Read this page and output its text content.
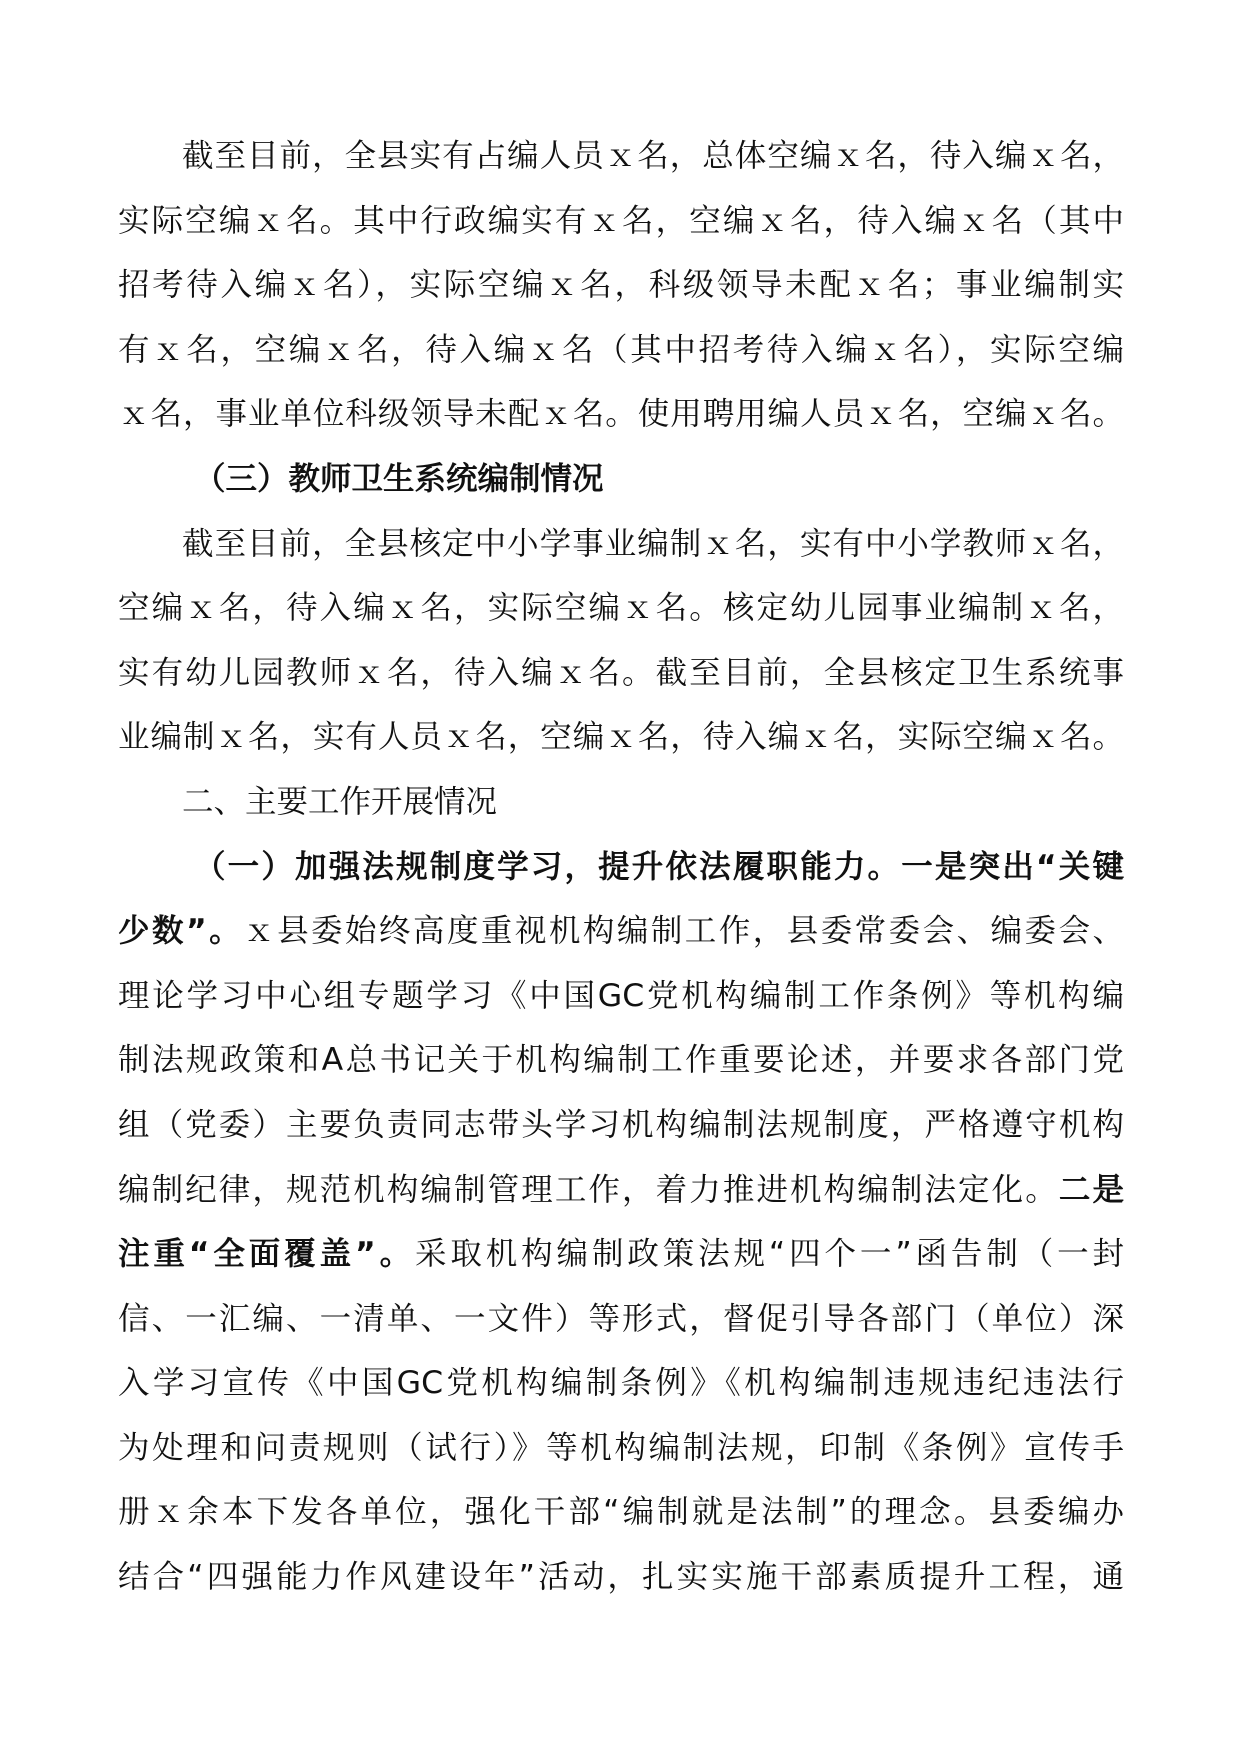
截至目前，全县实有占编人员ｘ名，总体空编ｘ名，待入编ｘ名，
实际空编ｘ名。其中行政编实有ｘ名，空编ｘ名，待入编ｘ名（其中
招考待入编ｘ名），实际空编ｘ名，科级领导未配ｘ名；事业编制实
有ｘ名，空编ｘ名，待入编ｘ名（其中招考待入编ｘ名），实际空编
ｘ名，事业单位科级领导未配ｘ名。使用聘用编人员ｘ名，空编ｘ名。
（三）教师卫生系统编制情况
截至目前，全县核定中小学事业编制ｘ名，实有中小学教师ｘ名，
空编ｘ名，待入编ｘ名，实际空编ｘ名。核定幼儿园事业编制ｘ名，
实有幼儿园教师ｘ名，待入编ｘ名。截至目前，全县核定卫生系统事
业编制ｘ名，实有人员ｘ名，空编ｘ名，待入编ｘ名，实际空编ｘ名。
二、主要工作开展情况
（一）加强法规制度学习，提升依法履职能力。一是突出“关键
少数”。ｘ县委始终高度重视机构编制工作，县委常委会、编委会、
理论学习中心组专题学习《中国GC党机构编制工作条例》等机构编
制法规政策和A总书记关于机构编制工作重要论述，并要求各部门党
组（党委）主要负责同志带头学习机构编制法规制度，严格遵守机构
编制纪律，规范机构编制管理工作，着力推进机构编制法定化。二是
注重“全面覆盖”。采取机构编制政策法规“四个一”函告制（一封
信、一汇编、一清单、一文件）等形式，督促引导各部门（单位）深
入学习宣传《中国GC党机构编制条例》《机构编制违规违纪违法行
为处理和问责规则（试行）》等机构编制法规，印制《条例》宣传手
册ｘ余本下发各单位，强化干部“编制就是法制”的理念。县委编办
结合“四强能力作风建设年”活动，扎实实施干部素质提升工程，通
